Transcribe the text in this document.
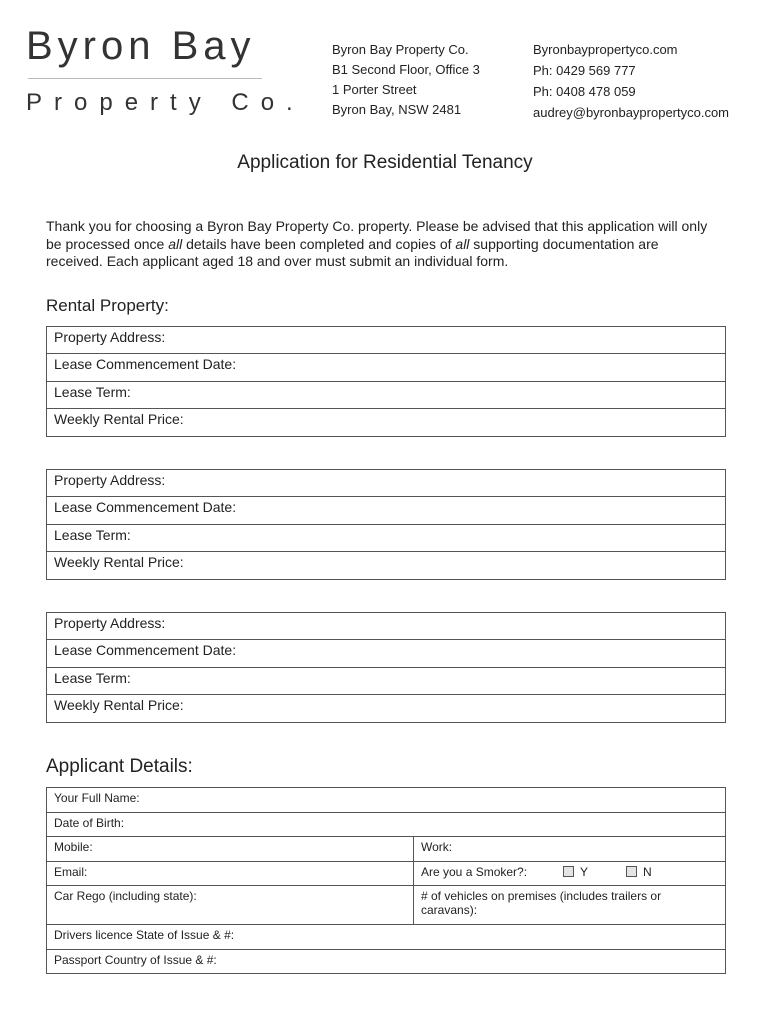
Byron Bay
Property Co.
Byron Bay Property Co.
B1 Second Floor, Office 3
1 Porter Street
Byron Bay, NSW 2481
Byronbaypropertyco.com
Ph: 0429 569 777
Ph: 0408 478 059
audrey@byronbaypropertyco.com
Application for Residential Tenancy
Thank you for choosing a Byron Bay Property Co. property. Please be advised that this application will only be processed once all details have been completed and copies of all supporting documentation are received. Each applicant aged 18 and over must submit an individual form.
Rental Property:
Property Address:
Lease Commencement Date:
Lease Term:
Weekly Rental Price:
Property Address:
Lease Commencement Date:
Lease Term:
Weekly Rental Price:
Property Address:
Lease Commencement Date:
Lease Term:
Weekly Rental Price:
Applicant Details:
Your Full Name:	
Date of Birth:	
Mobile:	Work:
Email:	Are you a Smoker?: Y N

Car Rego (including state):	# of vehicles on premises (includes trailers or caravans):
Drivers licence State of Issue & #:	
Passport Country of Issue & #:	
